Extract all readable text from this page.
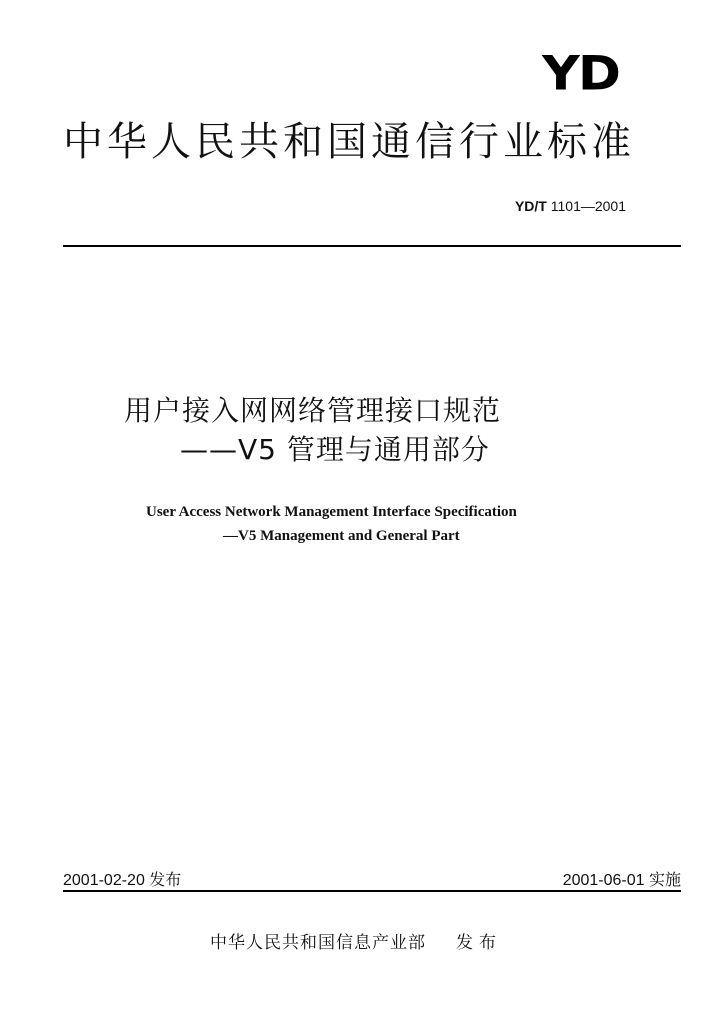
YD
中华人民共和国通信行业标准
YD/T 1101—2001
用户接入网网络管理接口规范
——V5 管理与通用部分
User Access Network Management Interface Specification
—V5 Management and General Part
2001-02-20 发布	2001-06-01 实施
中华人民共和国信息产业部 发布
